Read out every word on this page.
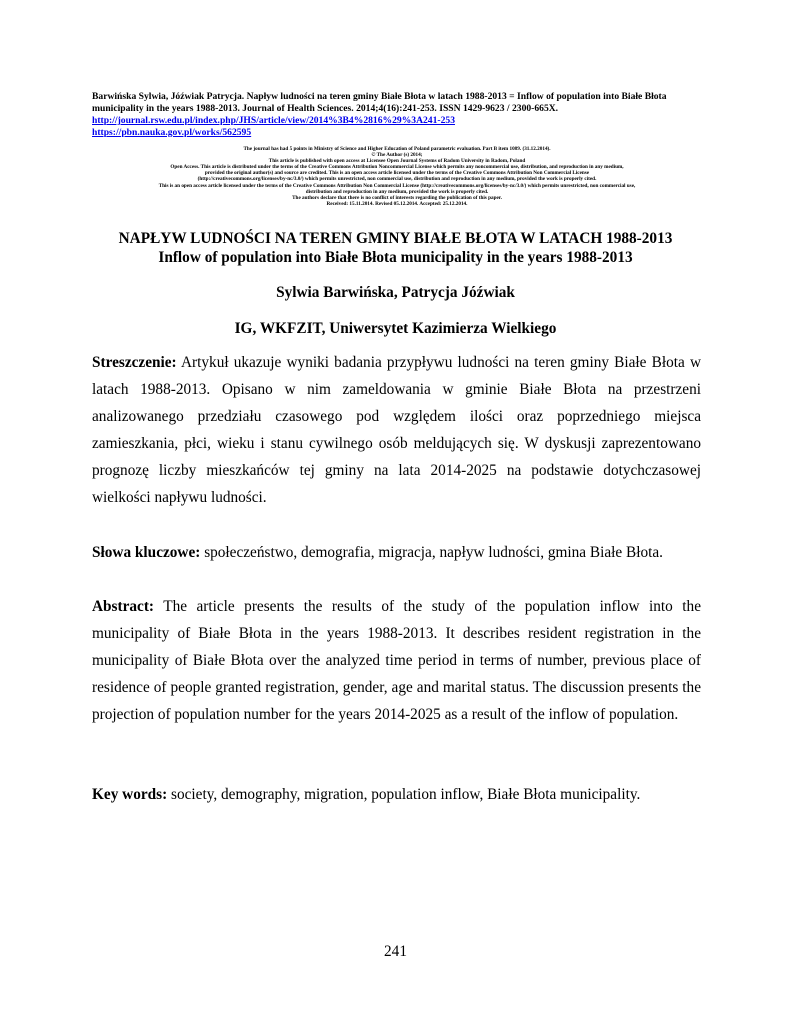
Barwińska Sylwia, Jóźwiak Patrycja. Napływ ludności na teren gminy Białe Błota w latach 1988-2013 = Inflow of population into Białe Błota municipality in the years 1988-2013. Journal of Health Sciences. 2014;4(16):241-253. ISSN 1429-9623 / 2300-665X.
http://journal.rsw.edu.pl/index.php/JHS/article/view/2014%3B4%2816%29%3A241-253
https://pbn.nauka.gov.pl/works/562595
The journal has had 5 points in Ministry of Science and Higher Education of Poland parametric evaluation. Part B item 1089. (31.12.2014).
© The Author (s) 2014;
This article is published with open access at Licensee Open Journal Systems of Radom University in Radom, Poland
Open Access. This article is distributed under the terms of the Creative Commons Attribution Noncommercial License which permits any noncommercial use, distribution, and reproduction in any medium,
provided the original author(s) and source are credited. This is an open access article licensed under the terms of the Creative Commons Attribution Non Commercial License
(http://creativecommons.org/licenses/by-nc/3.0/) which permits unrestricted, non commercial use, distribution and reproduction in any medium, provided the work is properly cited.
This is an open access article licensed under the terms of the Creative Commons Attribution Non Commercial License (http://creativecommons.org/licenses/by-nc/3.0/) which permits unrestricted, non commercial use,
distribution and reproduction in any medium, provided the work is properly cited.
The authors declare that there is no conflict of interests regarding the publication of this paper.
Received: 15.11.2014. Revised 05.12.2014. Accepted: 25.12.2014.
NAPŁYW LUDNOŚCI NA TEREN GMINY BIAŁE BŁOTA W LATACH 1988-2013
Inflow of population into Białe Błota municipality in the years 1988-2013
Sylwia Barwińska, Patrycja Jóźwiak
IG, WKFZIT, Uniwersytet Kazimierza Wielkiego
Streszczenie: Artykuł ukazuje wyniki badania przypływu ludności na teren gminy Białe Błota w latach 1988-2013. Opisano w nim zameldowania w gminie Białe Błota na przestrzeni analizowanego przedziału czasowego pod względem ilości oraz poprzedniego miejsca zamieszkania, płci, wieku i stanu cywilnego osób meldujących się. W dyskusji zaprezentowano prognozę liczby mieszkańców tej gminy na lata 2014-2025 na podstawie dotychczasowej wielkości napływu ludności.
Słowa kluczowe: społeczeństwo, demografia, migracja, napływ ludności, gmina Białe Błota.
Abstract: The article presents the results of the study of the population inflow into the municipality of Białe Błota in the years 1988-2013. It describes resident registration in the municipality of Białe Błota over the analyzed time period in terms of number, previous place of residence of people granted registration, gender, age and marital status. The discussion presents the projection of population number for the years 2014-2025 as a result of the inflow of population.
Key words: society, demography, migration, population inflow, Białe Błota municipality.
241
